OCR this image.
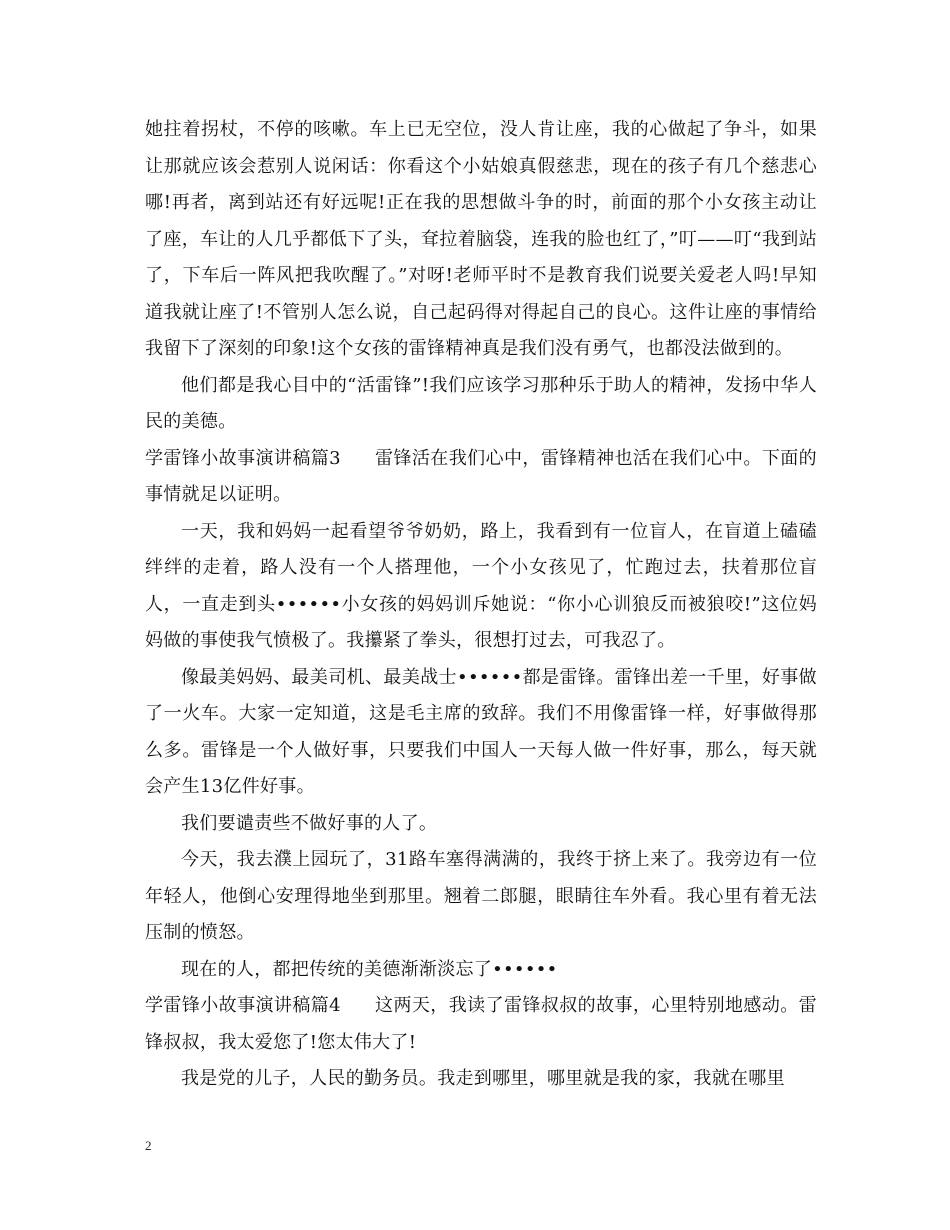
她拄着拐杖，不停的咳嗽。车上已无空位，没人肯让座，我的心做起了争斗，如果让那就应该会惹别人说闲话：你看这个小姑娘真假慈悲，现在的孩子有几个慈悲心哪!再者，离到站还有好远呢!正在我的思想做斗争的时，前面的那个小女孩主动让了座，车让的人几乎都低下了头，耷拉着脑袋，连我的脸也红了，”叮——叮“我到站了，下车后一阵风把我吹醒了。”对呀!老师平时不是教育我们说要关爱老人吗!早知道我就让座了!不管别人怎么说，自己起码得对得起自己的良心。这件让座的事情给我留下了深刻的印象!这个女孩的雷锋精神真是我们没有勇气，也都没法做到的。

他们都是我心目中的“活雷锋”!我们应该学习那种乐于助人的精神，发扬中华人民的美德。

学雷锋小故事演讲稿篇3 雷锋活在我们心中，雷锋精神也活在我们心中。下面的事情就足以证明。

一天，我和妈妈一起看望爷爷奶奶，路上，我看到有一位盲人，在盲道上磕磕绊绊的走着，路人没有一个人搭理他，一个小女孩见了，忙跑过去，扶着那位盲人，一直走到头••••••小女孩的妈妈训斥她说：“你小心训狼反而被狼咬!”这位妈妈做的事使我气愤极了。我攥紧了拳头，很想打过去，可我忍了。

像最美妈妈、最美司机、最美战士••••••都是雷锋。雷锋出差一千里，好事做了一火车。大家一定知道，这是毛主席的致辞。我们不用像雷锋一样，好事做得那么多。雷锋是一个人做好事，只要我们中国人一天每人做一件好事，那么，每天就会产生13亿件好事。

我们要谴责些不做好事的人了。

今天，我去濮上园玩了，31路车塞得满满的，我终于挤上来了。我旁边有一位年轻人，他倒心安理得地坐到那里。翘着二郎腿，眼睛往车外看。我心里有着无法压制的愤怒。

现在的人，都把传统的美德渐渐淡忘了••••••

学雷锋小故事演讲稿篇4 这两天，我读了雷锋叔叔的故事，心里特别地感动。雷锋叔叔，我太爱您了!您太伟大了!

我是党的儿子，人民的勤务员。我走到哪里，哪里就是我的家，我就在哪里

2
